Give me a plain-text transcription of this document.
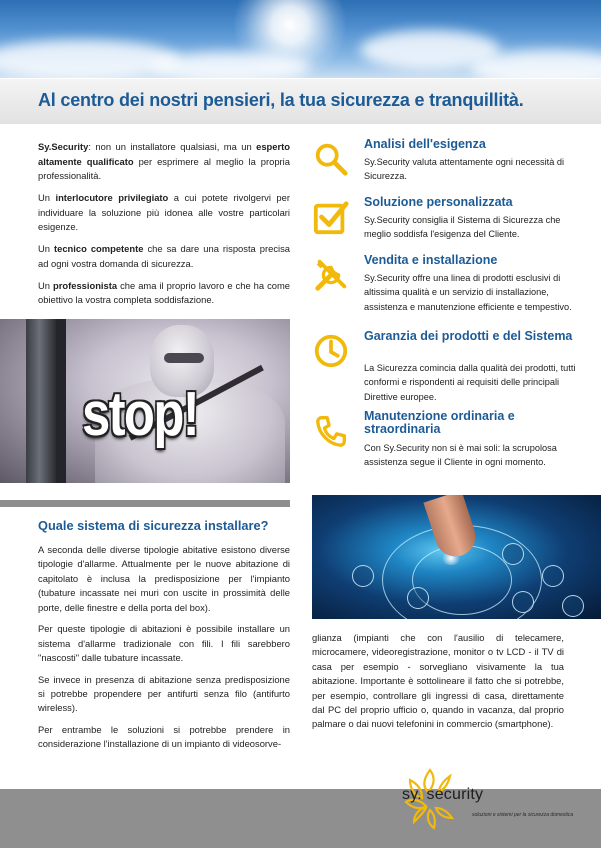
Al centro dei nostri pensieri, la tua sicurezza e tranquillità.

Sy.Security: non un installatore qualsiasi, ma un esperto altamente qualificato per esprimere al meglio la propria professionalità.

Un interlocutore privilegiato a cui potete rivolgervi per individuare la soluzione più idonea alle vostre particolari esigenze.

Un tecnico competente che sa dare una risposta precisa ad ogni vostra domanda di sicurezza.

Un professionista che ama il proprio lavoro e che ha come obiettivo la vostra completa soddisfazione.

stop!
Analisi dell'esigenza
Sy.Security valuta attentamente ogni necessità di Sicurezza.
Soluzione personalizzata
Sy.Security consiglia il Sistema di Sicurezza che meglio soddisfa l'esigenza del Cliente.
Vendita e installazione
Sy.Security offre una linea di prodotti esclusivi di altissima qualità e un servizio di installazione, assistenza e manutenzione efficiente e tempestivo.
Garanzia dei prodotti e del Sistema
La Sicurezza comincia dalla qualità dei prodotti, tutti conformi e rispondenti ai requisiti delle principali Direttive europee.
Manutenzione ordinaria e straordinaria
Con Sy.Security non si è mai soli: la scrupolosa assistenza segue il Cliente in ogni momento.
Quale sistema di sicurezza installare?

A seconda delle diverse tipologie abitative esistono diverse tipologie d'allarme. Attualmente per le nuove abitazione di capitolato è inclusa la predisposizione per l'impianto (tubature incassate nei muri con uscite in prossimità delle porte, delle finestre e della porta del box).

Per queste tipologie di abitazioni è possibile installare un sistema d'allarme tradizionale con fili. I fili sarebbero "nascosti" dalle tubature incassate.

Se invece in presenza di abitazione senza predisposizione si potrebbe propendere per antifurti senza filo (antifurto wireless).

Per entrambe le soluzioni si potrebbe prendere in considerazione l'installazione di un impianto di videosorve-

glianza (impianti che con l'ausilio di telecamere, microcamere, videoregistrazione, monitor o tv LCD - il TV di casa per esempio - sorvegliano visivamente la tua abitazione. Importante è sottolineare il fatto che si potrebbe, per esempio, controllare gli ingressi di casa, direttamente dal PC del proprio ufficio o, quando in vacanza, dal proprio palmare o dai nuovi telefonini in commercio (smartphone).

sy. security
soluzioni e sistemi per la sicurezza domestica
